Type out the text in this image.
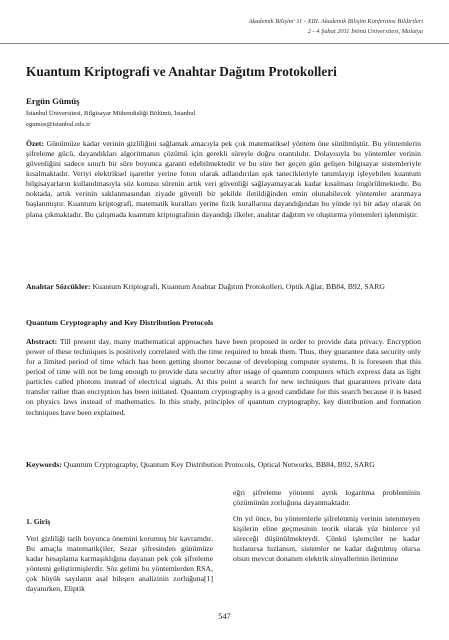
Akademik Bilişim' 11 - XIII. Akademik Bilişim Konferansı Bildirileri
2 - 4 Şubat 2011 İnönü Üniversitesi, Malatya
Kuantum Kriptografi ve Anahtar Dağıtım Protokolleri
Ergün Gümüş
İstanbul Üniversitesi, Bilgisayar Mühendisliği Bölümü, İstanbul
egumus@istanbul.edu.tr
Özet: Günümüze kadar verinin gizliliğini sağlamak amacıyla pek çok matematiksel yöntem öne sürülmüştür. Bu yöntemlerin şifreleme gücü, dayandıkları algoritmanın çözümü için gerekli süreyle doğru orantılıdır. Dolayısıyla bu yöntemler verinin güvenliğini sadece sınırlı bir süre boyunca garanti edebilmektedir ve bu süre her geçen gün gelişen bilgisayar sistemleriyle kısalmaktadır. Veriyi elektriksel işaretler yerine foton olarak adlandırılan ışık tanecikleriyle tanımlayıp işleyebilen kuantum bilgisayarların kullanılmasıyla söz konusu sürenin artık veri güvenliği sağlayamayacak kadar kısalması öngörülmektedir. Bu noktada, artık verinin saklanmasından ziyade güvenli bir şekilde iletildiğinden emin olunabilecek yöntemler aranmaya başlanmıştır. Kuantum kriptografi, matematik kuralları yerine fizik kurallarına dayandığından bu yönde iyi bir aday olarak ön plana çıkmaktadır. Bu çalışmada kuantum kriptografinin dayandığı ilkeler, anahtar dağıtım ve oluşturma yöntemleri işlenmiştir.
Anahtar Sözcükler: Kuantum Kriptografi, Kuantum Anahtar Dağıtım Protokolleri, Optik Ağlar, BB84, B92, SARG
Quantum Cryptography and Key Distribution Protocols
Abstract: Till present day, many mathematical approaches have been proposed in order to provide data privacy. Encryption power of these techniques is positively correlated with the time required to break them. Thus, they guarantee data security only for a limited period of time which has been getting shorter because of developing computer systems. It is foreseen that this period of time will not be long enough to provide data security after usage of quantum computers which express data as light particles called photons instead of electrical signals. At this point a search for new techniques that guarantees private data transfer rather than encryption has been initiated. Quantum cryptography is a good candidate for this search because it is based on physics laws instead of mathematics. In this study, principles of quantum cryptography, key distribution and formation techniques have been explained.
Keywords: Quantum Cryptography, Quantum Key Distribution Protocols, Optical Networks, BB84, B92, SARG
1. Giriş

Veri gizliliği tarih boyunca önemini korumuş bir kavramdır. Bu amaçla matematikçiler, Sezar şifresinden günümüze kadar hesaplama karmaşıklığına dayanan pek çok şifreleme yöntemi geliştirmişlerdir. Söz gelimi bu yöntemlerden RSA, çok büyük sayıların asal bileşen analizinin zorluğuna[1] dayanırken, Eliptik

eğri şifreleme yöntemi ayrık logaritma probleminin çözümünün zorluğuna dayanmaktadır.

On yıl önce, bu yöntemlerle şifrelenmiş verinin istenmeyen kişilerin eline geçmesinin teorik olarak yüz binlerce yıl süreceği düşünülmekteydi. Çünkü işlemciler ne kadar hızlanırsa hızlansın, sistemler ne kadar dağıtılmış olursa olsun mevcut donanım elektrik sinyallerinin iletimine

547
